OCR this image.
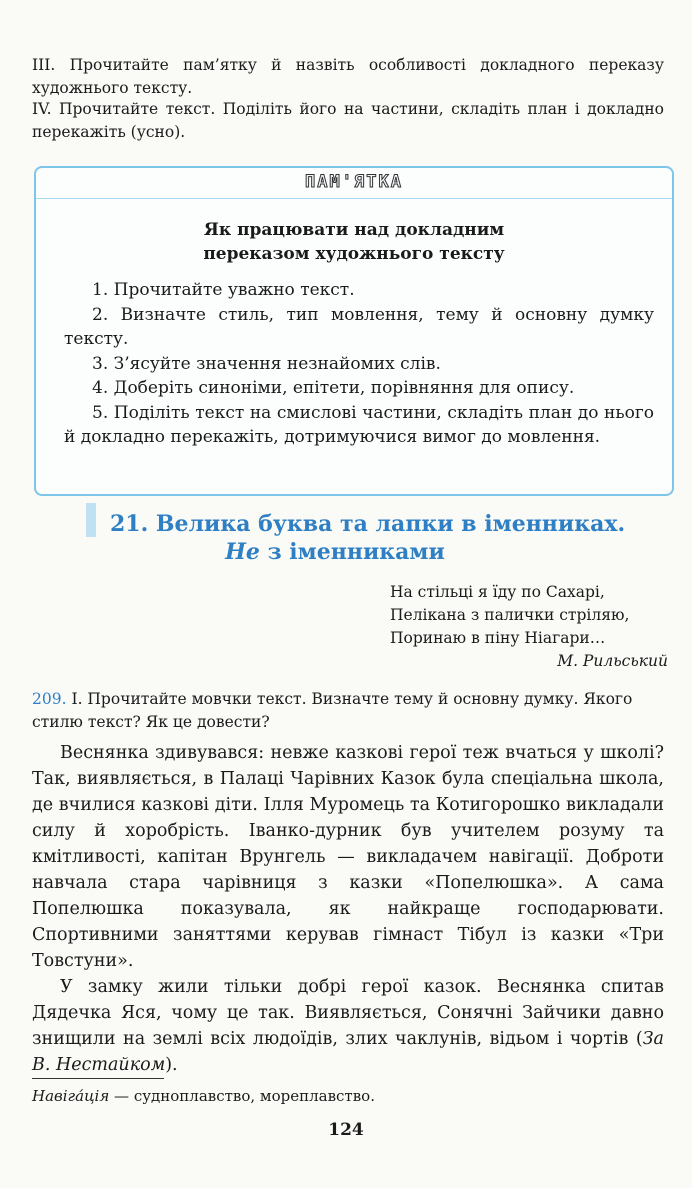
III. Прочитайте пам’ятку й назвіть особливості докладного переказу художнього тексту.
IV. Прочитайте текст. Поділіть його на частини, складіть план і докладно перекажіть (усно).
ПАМ'ЯТКА
Як працювати над докладним
переказом художнього тексту
1. Прочитайте уважно текст.
2. Визначте стиль, тип мовлення, тему й основну думку тексту.
3. З’ясуйте значення незнайомих слів.
4. Доберіть синоніми, епітети, порівняння для опису.
5. Поділіть текст на смислові частини, складіть план до нього й докладно перекажіть, дотримуючися вимог до мовлення.
21. Велика буква та лапки в іменниках.
Не з іменниками
На стільці я їду по Сахарі,
Пелікана з палички стріляю,
Поринаю в піну Ніагари…
М. Рильський
209. І. Прочитайте мовчки текст. Визначте тему й основну думку. Якого стилю текст? Як це довести?

Веснянка здивувався: невже казкові герої теж вчаться у школі? Так, виявляється, в Палаці Чарівних Казок була спеціальна школа, де вчилися казкові діти. Ілля Муромець та Котигорошко викладали силу й хоробрість. Іванко-дурник був учителем розуму та кмітливості, капітан Врунгель — викладачем навігації. Доброти навчала стара чарівниця з казки «Попелюшка». А сама Попелюшка показувала, як найкраще господарювати. Спортивними заняттями керував гімнаст Тібул із казки «Три Товстуни».

У замку жили тільки добрі герої казок. Веснянка спитав Дядечка Яся, чому це так. Виявляється, Сонячні Зайчики давно знищили на землі всіх людоїдів, злих чаклунів, відьом і чортів (За В. Нестайком).

Навіга́ція — судноплавство, мореплавство.
124
